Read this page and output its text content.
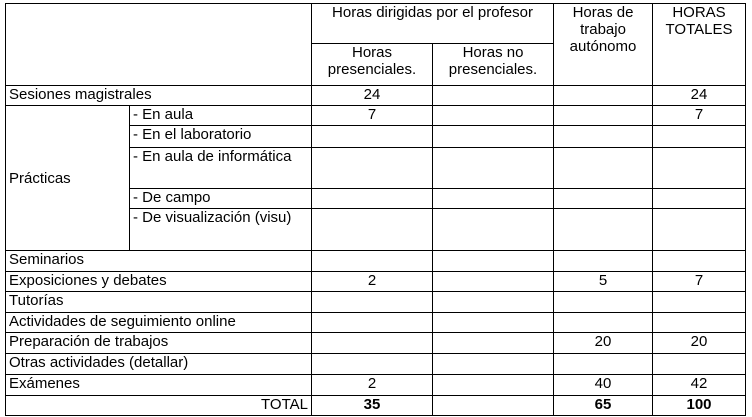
		Horas dirigidas por el profesor		Horas de trabajo autónomo	HORAS TOTALES
		Horas presenciales.	Horas no presenciales.		
Sesiones magistrales		24			24
Prácticas	- En aula	7			7
	- En el laboratorio				
	- En aula de informática				
	- De campo				
	- De visualización (visu)				
Seminarios					
Exposiciones y debates		2		5	7
Tutorías					
Actividades de seguimiento online					
Preparación de trabajos				20	20
Otras actividades (detallar)					
Exámenes		2		40	42
TOTAL		35		65	100
